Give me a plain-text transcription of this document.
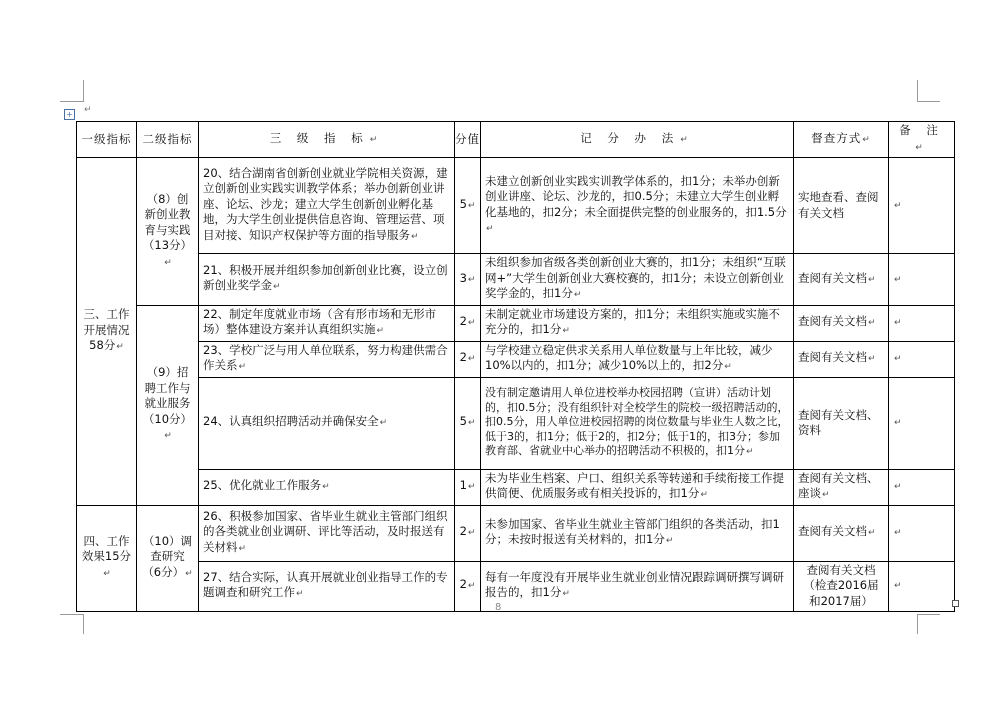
+ ↵
一级指标	二级指标	三 级 指 标 ↵	分值	记 分 办 法 ↵	督查方式 ↵	备 注 ↵
三、工作开展情况58分 ↵	（8）创新创业教育与实践（13分） ↵	20、结合湖南省创新创业就业学院相关资源，建立创新创业实践实训教学体系；举办创新创业讲座、论坛、沙龙；建立大学生创新创业孵化基地，为大学生创业提供信息咨询、管理运营、项目对接、知识产权保护等方面的指导服务 ↵	5 ↵	未建立创新创业实践实训教学体系的，扣1分；未举办创新创业讲座、论坛、沙龙的，扣0.5分；未建立大学生创业孵化基地的，扣2分；未全面提供完整的创业服务的，扣1.5分 ↵	实地查看、查阅有关文档	↵
		21、积极开展并组织参加创新创业比赛，设立创新创业奖学金 ↵	3 ↵	未组织参加省级各类创新创业大赛的，扣1分；未组织“互联网+”大学生创新创业大赛校赛的，扣1分；未设立创新创业奖学金的，扣1分 ↵	查阅有关文档 ↵	↵
	（9）招聘工作与就业服务（10分） ↵	22、制定年度就业市场（含有形市场和无形市场）整体建设方案并认真组织实施 ↵	2 ↵	未制定就业市场建设方案的，扣1分；未组织实施或实施不充分的，扣1分 ↵	查阅有关文档 ↵	↵
		23、学校广泛与用人单位联系，努力构建供需合作关系 ↵	2 ↵	与学校建立稳定供求关系用人单位数量与上年比较，减少10%以内的，扣1分；减少10%以上的，扣2分 ↵	查阅有关文档 ↵	↵
		24、认真组织招聘活动并确保安全 ↵	5 ↵	没有制定邀请用人单位进校举办校园招聘（宣讲）活动计划的，扣0.5分；没有组织针对全校学生的院校一级招聘活动的，扣0.5分，用人单位进校园招聘的岗位数量与毕业生人数之比，低于3的，扣1分；低于2的，扣2分；低于1的，扣3分；参加教育部、省就业中心举办的招聘活动不积极的，扣1分 ↵	查阅有关文档、资料	↵
		25、优化就业工作服务 ↵	1 ↵	未为毕业生档案、户口、组织关系等转递和手续衔接工作提供简便、优质服务或有相关投诉的，扣1分 ↵	查阅有关文档、座谈 ↵	↵
四、工作效果15分 ↵	（10）调查研究（6分） ↵	26、积极参加国家、省毕业生就业主管部门组织的各类就业创业调研、评比等活动，及时报送有关材料 ↵	2 ↵	未参加国家、省毕业生就业主管部门组织的各类活动，扣1分；未按时报送有关材料的，扣1分 ↵	查阅有关文档 ↵	↵
		27、结合实际，认真开展就业创业指导工作的专题调查和研究工作 ↵	2 ↵	每有一年度没有开展毕业生就业创业情况跟踪调研撰写调研报告的，扣1分 ↵	查阅有关文档（检查2016届和2017届）	↵
8
